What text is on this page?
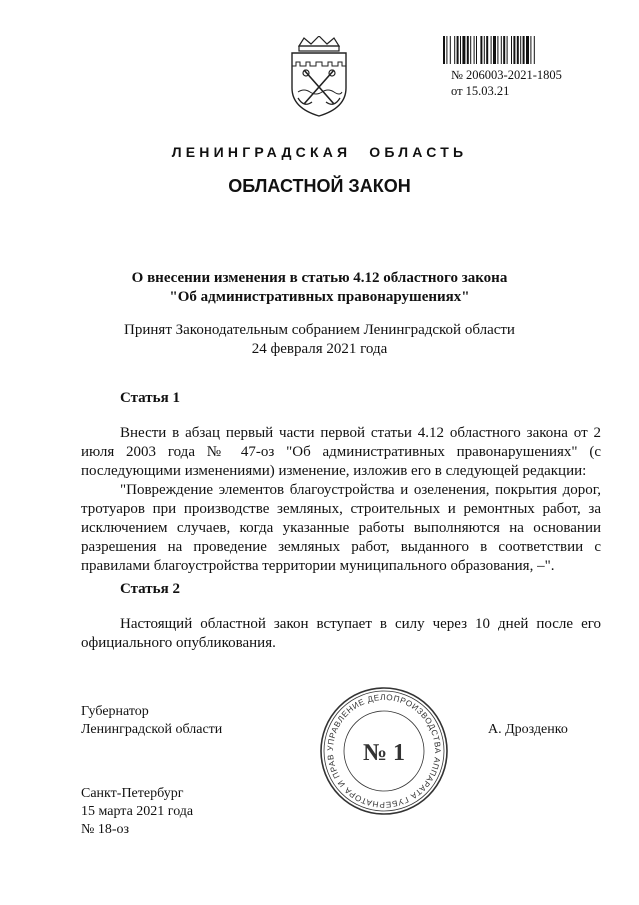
№ 206003-2021-1805
от 15.03.21
ЛЕНИНГРАДСКАЯ ОБЛАСТЬ
ОБЛАСТНОЙ ЗАКОН
О внесении изменения в статью 4.12 областного закона
"Об административных правонарушениях"
Принят Законодательным собранием Ленинградской области
24 февраля 2021 года
Статья 1

Внести в абзац первый части первой статьи 4.12 областного закона от 2 июля 2003 года № 47-оз "Об административных правонарушениях" (с последующими изменениями) изменение, изложив его в следующей редакции:

"Повреждение элементов благоустройства и озеленения, покрытия дорог, тротуаров при производстве земляных, строительных и ремонтных работ, за исключением случаев, когда указанные работы выполняются на основании разрешения на проведение земляных работ, выданного в соответствии с правилами благоустройства территории муниципального образования, –".

Статья 2

Настоящий областной закон вступает в силу через 10 дней после его официального опубликования.

Губернатор
Ленинградской области	А. Дрозденко
УПРАВЛЕНИЕ ДЕЛОПРОИЗВОДСТВА АППАРАТА ГУБЕРНАТОРА И ПРАВ	№ 1
Санкт-Петербург
15 марта 2021 года
№ 18-оз
